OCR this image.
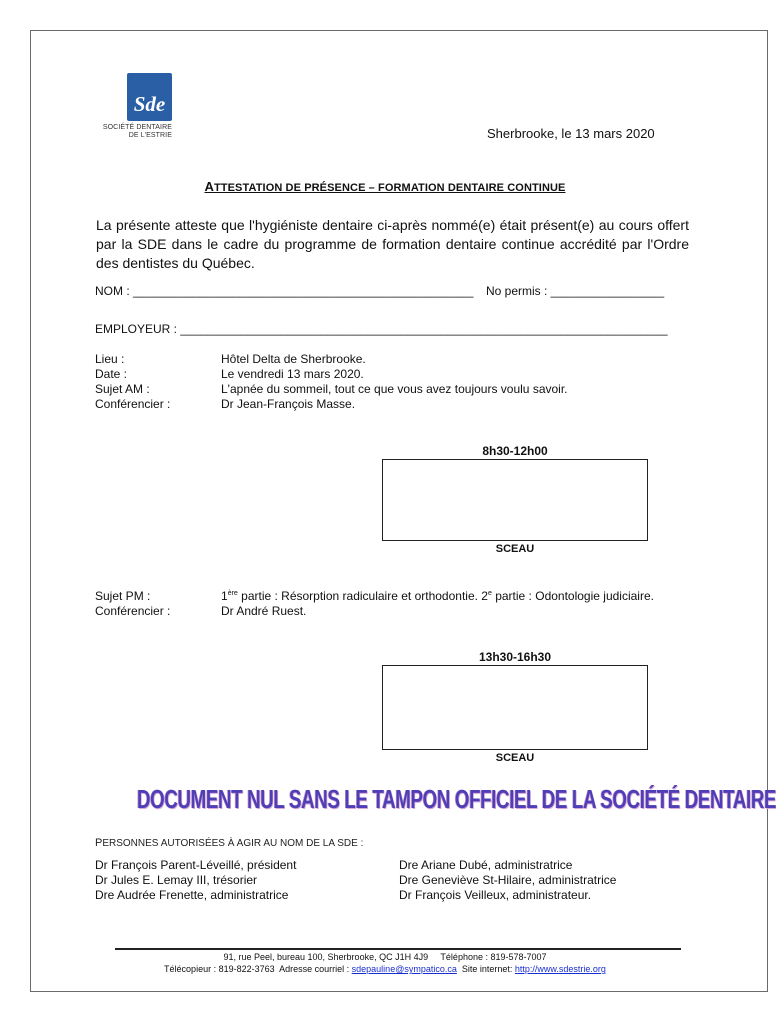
Sde
SOCIÉTÉ DENTAIRE
DE L'ESTRIE	Sherbrooke, le 13 mars 2020
ATTESTATION DE PRÉSENCE – FORMATION DENTAIRE CONTINUE
La présente atteste que l'hygiéniste dentaire ci-après nommé(e) était présent(e) au cours offert par la SDE dans le cadre du programme de formation dentaire continue accrédité par l'Ordre des dentistes du Québec.
NOM : ___________________________________________________ No permis : _________________
EMPLOYEUR : _________________________________________________________________________
Lieu :
Date :
Sujet AM :
Conférencier :
Hôtel Delta de Sherbrooke.
Le vendredi 13 mars 2020.
L'apnée du sommeil, tout ce que vous avez toujours voulu savoir.
Dr Jean-François Masse.
8h30-12h00
SCEAU
Sujet PM :
Conférencier :
1ère partie : Résorption radiculaire et orthodontie. 2e partie : Odontologie judiciaire.
Dr André Ruest.
13h30-16h30
SCEAU
DOCUMENT NUL SANS LE TAMPON OFFICIEL DE LA SOCIÉTÉ DENTAIRE
PERSONNES AUTORISÉES À AGIR AU NOM DE LA SDE :
Dr François Parent-Léveillé, président
Dr Jules E. Lemay III, trésorier
Dre Audrée Frenette, administratrice
Dre Ariane Dubé, administratrice
Dre Geneviève St-Hilaire, administratrice
Dr François Veilleux, administrateur.
91, rue Peel, bureau 100, Sherbrooke, QC J1H 4J9     Téléphone : 819-578-7007
Télécopieur : 819-822-3763  Adresse courriel : sdepauline@sympatico.ca  Site internet: http://www.sdestrie.org
